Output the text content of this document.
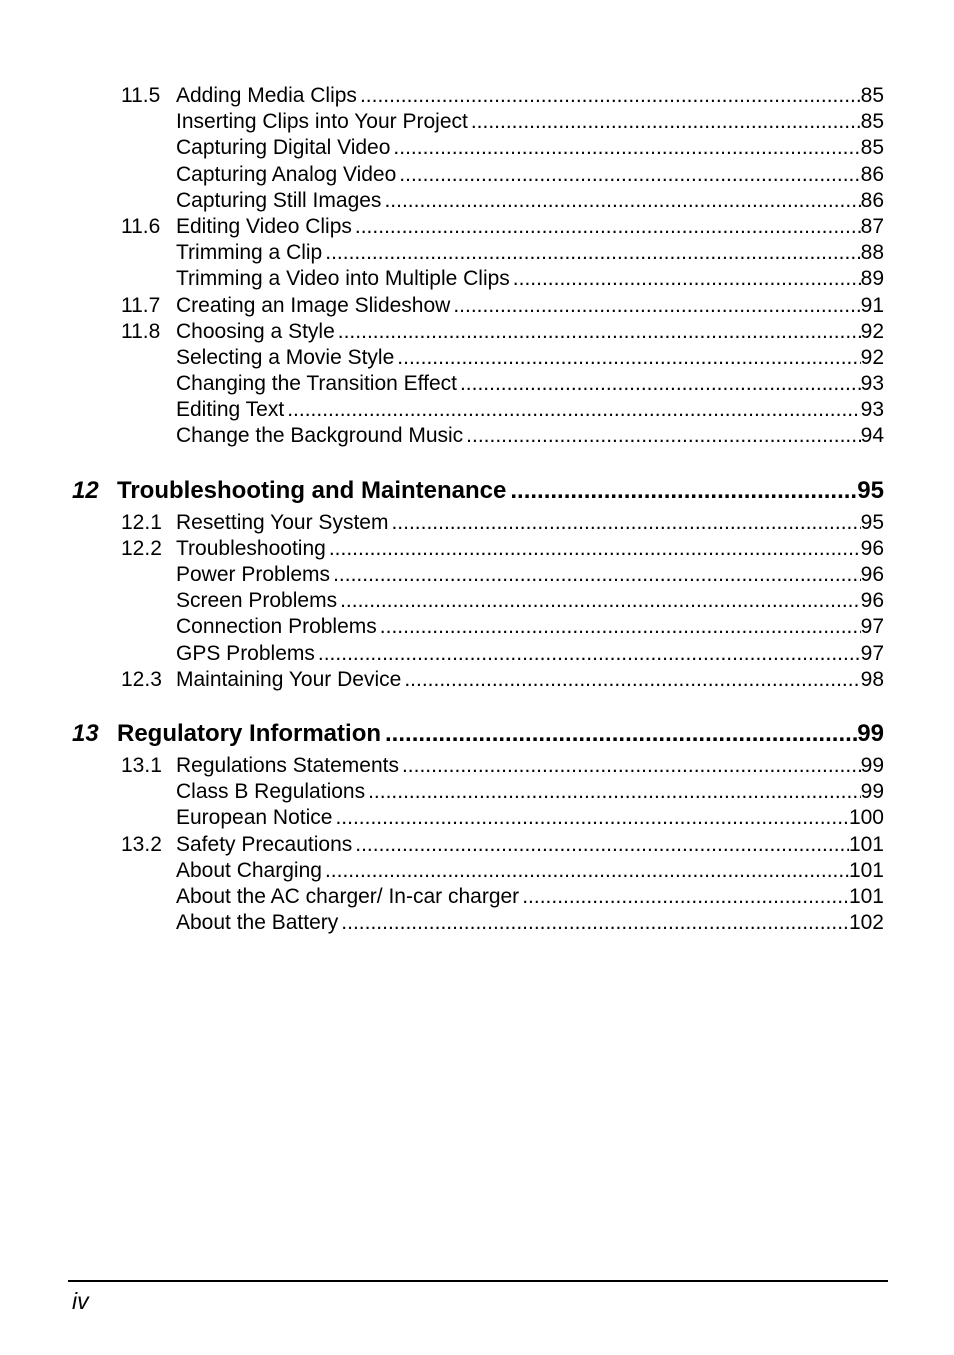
11.5 Adding Media Clips .....	85
Inserting Clips into Your Project .....	85
Capturing Digital Video .....	85
Capturing Analog Video .....	86
Capturing Still Images .....	86
11.6 Editing Video Clips .....	87
Trimming a Clip .....	88
Trimming a Video into Multiple Clips .....	89
11.7 Creating an Image Slideshow .....	91
11.8 Choosing a Style .....	92
Selecting a Movie Style .....	92
Changing the Transition Effect .....	93
Editing Text .....	93
Change the Background Music .....	94
12 Troubleshooting and Maintenance .....	95
12.1 Resetting Your System .....	95
12.2 Troubleshooting .....	96
Power Problems .....	96
Screen Problems .....	96
Connection Problems .....	97
GPS Problems .....	97
12.3 Maintaining Your Device .....	98
13 Regulatory Information .....	99
13.1 Regulations Statements .....	99
Class B Regulations .....	99
European Notice .....	100
13.2 Safety Precautions .....	101
About Charging .....	101
About the AC charger/ In-car charger .....	101
About the Battery .....	102
iv
